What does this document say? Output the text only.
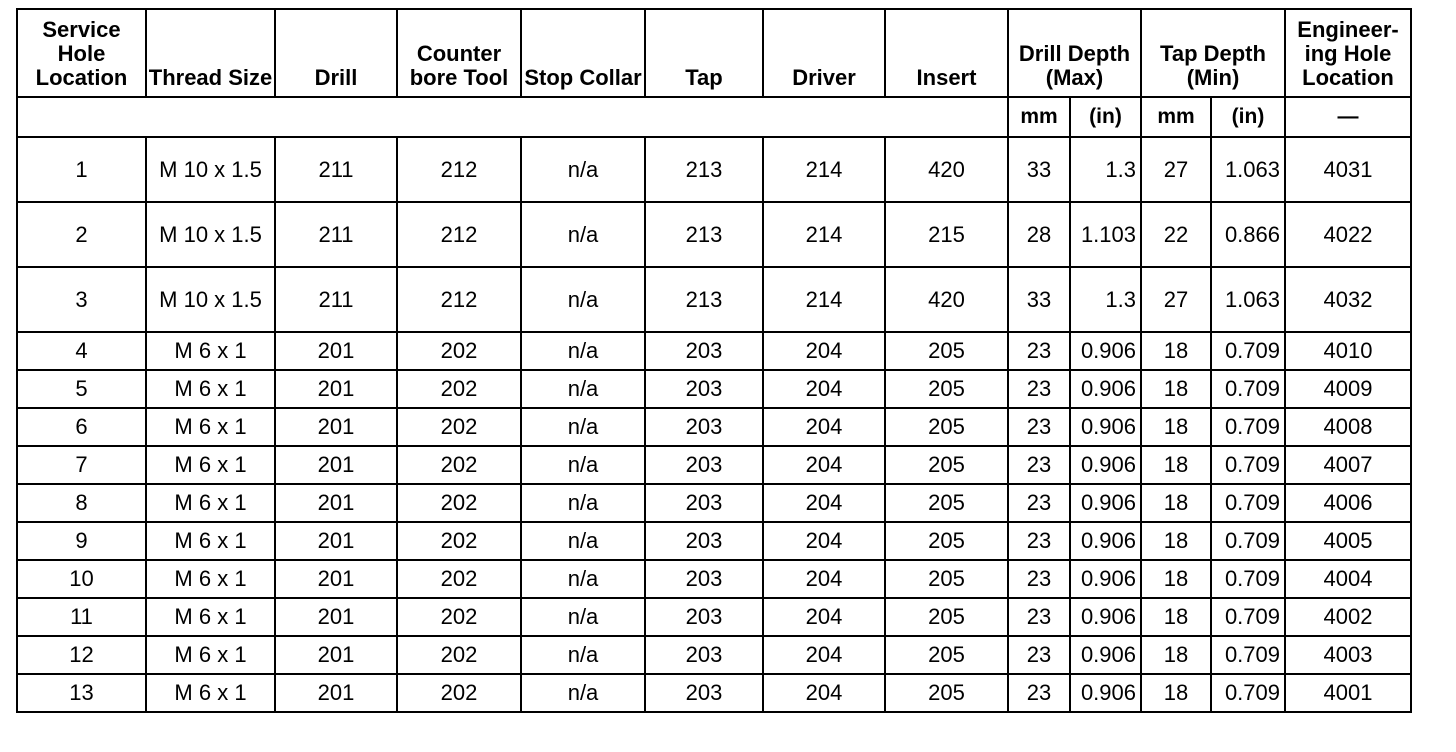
Service Hole Location	Thread Size	Drill	Counter bore Tool	Stop Collar	Tap	Driver	Insert	Drill Depth (Max)		Tap Depth (Min)		Engineer-ing Hole Location
								mm	(in)	mm	(in)	—
1	M 10 x 1.5	211	212	n/a	213	214	420	33	1.3	27	1.063	4031
2	M 10 x 1.5	211	212	n/a	213	214	215	28	1.103	22	0.866	4022
3	M 10 x 1.5	211	212	n/a	213	214	420	33	1.3	27	1.063	4032
4	M 6 x 1	201	202	n/a	203	204	205	23	0.906	18	0.709	4010
5	M 6 x 1	201	202	n/a	203	204	205	23	0.906	18	0.709	4009
6	M 6 x 1	201	202	n/a	203	204	205	23	0.906	18	0.709	4008
7	M 6 x 1	201	202	n/a	203	204	205	23	0.906	18	0.709	4007
8	M 6 x 1	201	202	n/a	203	204	205	23	0.906	18	0.709	4006
9	M 6 x 1	201	202	n/a	203	204	205	23	0.906	18	0.709	4005
10	M 6 x 1	201	202	n/a	203	204	205	23	0.906	18	0.709	4004
11	M 6 x 1	201	202	n/a	203	204	205	23	0.906	18	0.709	4002
12	M 6 x 1	201	202	n/a	203	204	205	23	0.906	18	0.709	4003
13	M 6 x 1	201	202	n/a	203	204	205	23	0.906	18	0.709	4001
